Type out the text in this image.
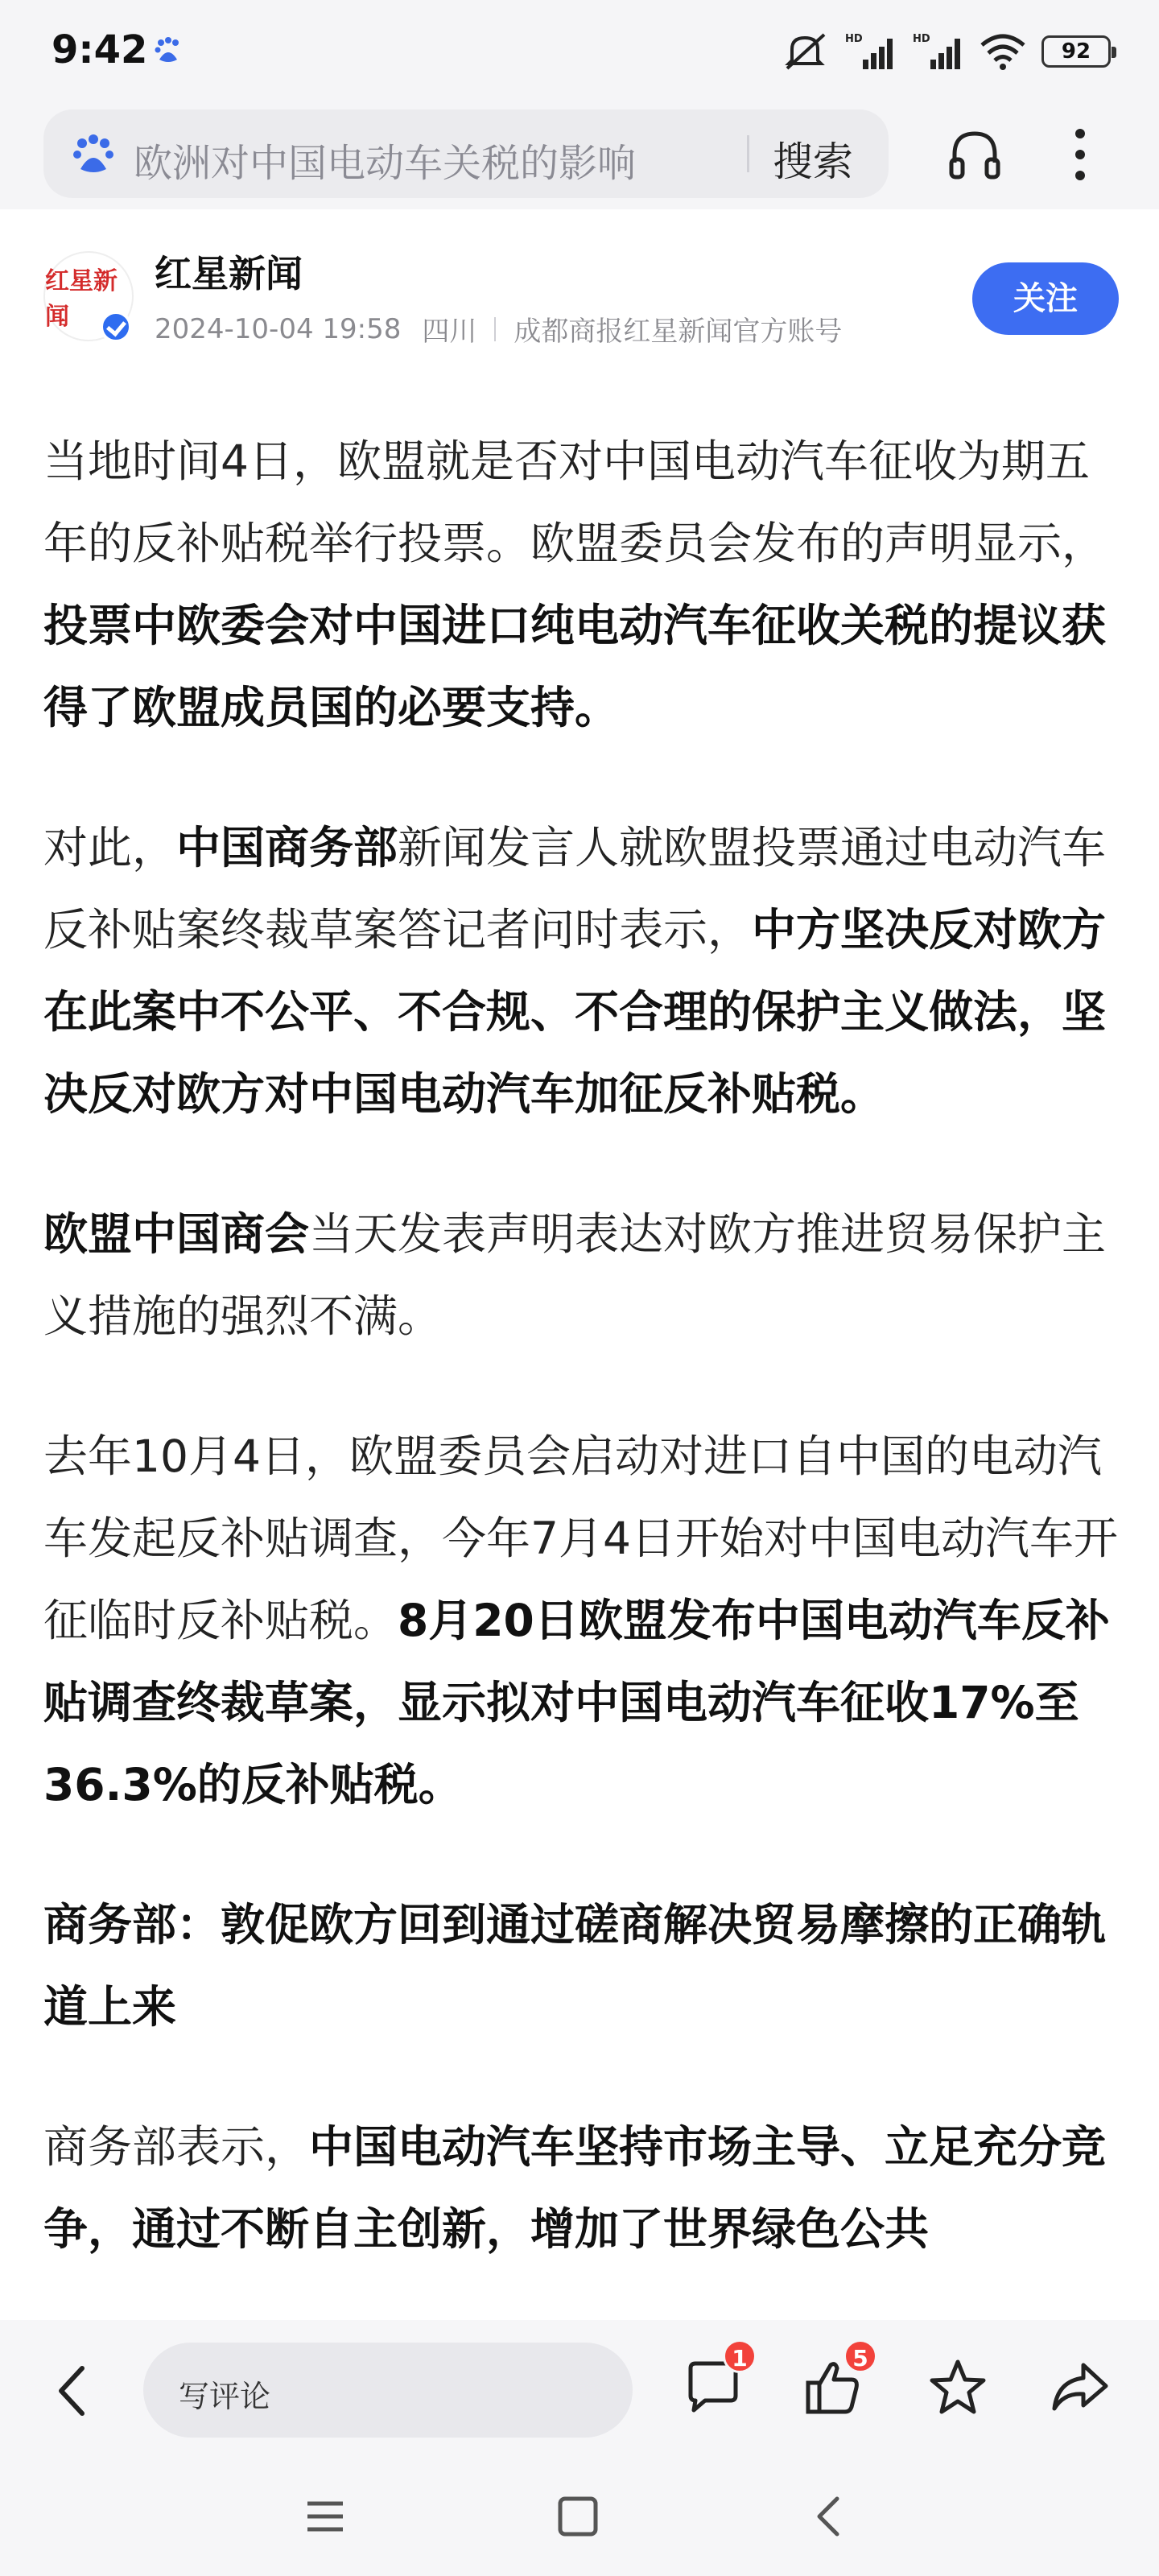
9:42	HD	HD
92
欧洲对中国电动车关税的影响	搜索
红星新闻
红星新闻
2024-10-04 19:58 四川 成都商报红星新闻官方账号
关注

当地时间4日，欧盟就是否对中国电动汽车征收为期五年的反补贴税举行投票。欧盟委员会发布的声明显示，投票中欧委会对中国进口纯电动汽车征收关税的提议获得了欧盟成员国的必要支持。

对此，中国商务部新闻发言人就欧盟投票通过电动汽车反补贴案终裁草案答记者问时表示，中方坚决反对欧方在此案中不公平、不合规、不合理的保护主义做法，坚决反对欧方对中国电动汽车加征反补贴税。

欧盟中国商会当天发表声明表达对欧方推进贸易保护主义措施的强烈不满。

去年10月4日，欧盟委员会启动对进口自中国的电动汽车发起反补贴调查，今年7月4日开始对中国电动汽车开征临时反补贴税。8月20日欧盟发布中国电动汽车反补贴调查终裁草案，显示拟对中国电动汽车征收17%至36.3%的反补贴税。

商务部：敦促欧方回到通过磋商解决贸易摩擦的正确轨道上来

商务部表示，中国电动汽车坚持市场主导、立足充分竞争，通过不断自主创新，增加了世界绿色公共

写评论
1	5
